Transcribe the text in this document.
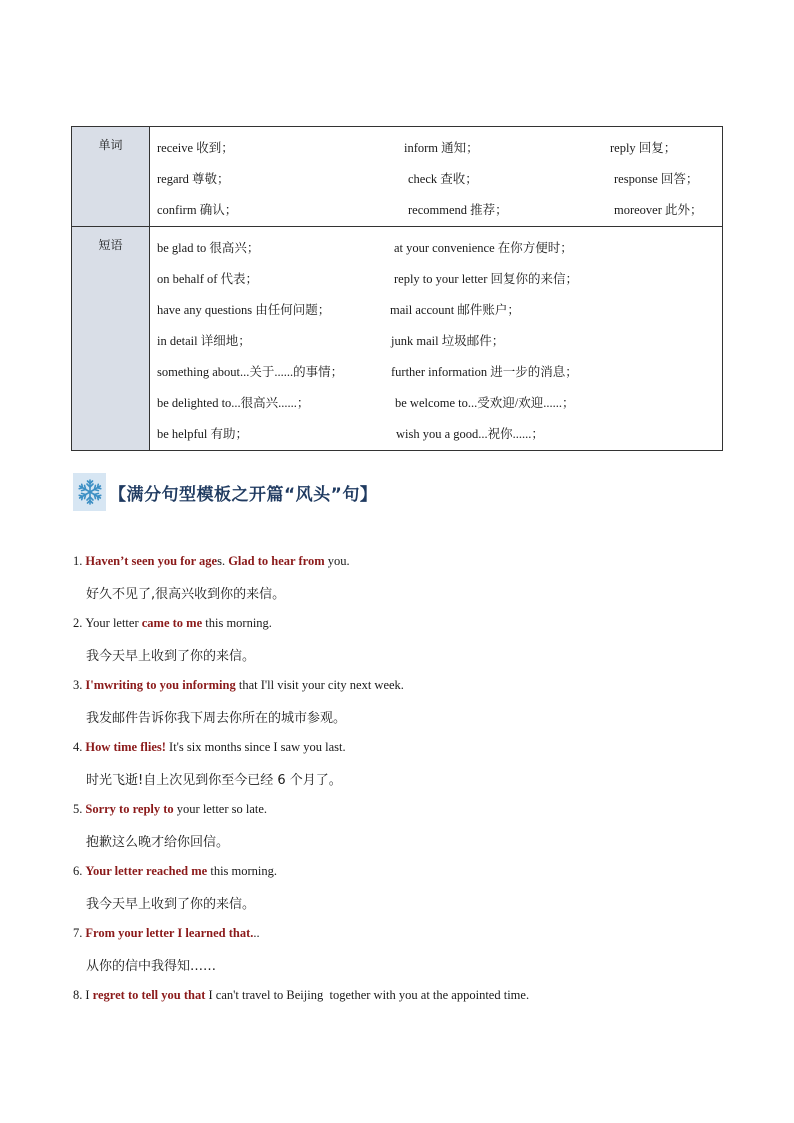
单词	receive 收到；	inform 通知；	reply 回复；
regard 尊敬；	check 查收；	response 回答；
confirm 确认；	recommend 推荐；	moreover 此外；
短语	be glad to 很高兴；	at your convenience 在你方便时；
on behalf of 代表；	reply to your letter 回复你的来信；
have any questions 由任何问题；	mail account 邮件账户；
in detail 详细地；	junk mail 垃圾邮件；
something about...关于......的事情；	further information 进一步的消息；
be delighted to...很高兴......；	be welcome to...受欢迎/欢迎......；
be helpful 有助；	wish you a good...祝你......；
【满分句型模板之开篇“风头”句】
1. Haven’t seen you for age s. Glad to hear from you.
好久不见了,很高兴收到你的来信。
2. Your letter came to me this morning.
我今天早上收到了你的来信。
3. I'mwriting to you informing that I'll visit your city next week.
我发邮件告诉你我下周去你所在的城市参观。
4. How time flies! It's six months since I saw you last.
时光飞逝!自上次见到你至今已经 6 个月了。
5. Sorry to reply to your letter so late.
抱歉这么晚才给你回信。
6. Your letter reached me this morning.
我今天早上收到了你的来信。
7. From your letter I learned that. ..
从你的信中我得知……
8. I regret to tell you that I can't travel to Beijing  together with you at the appointed time.
